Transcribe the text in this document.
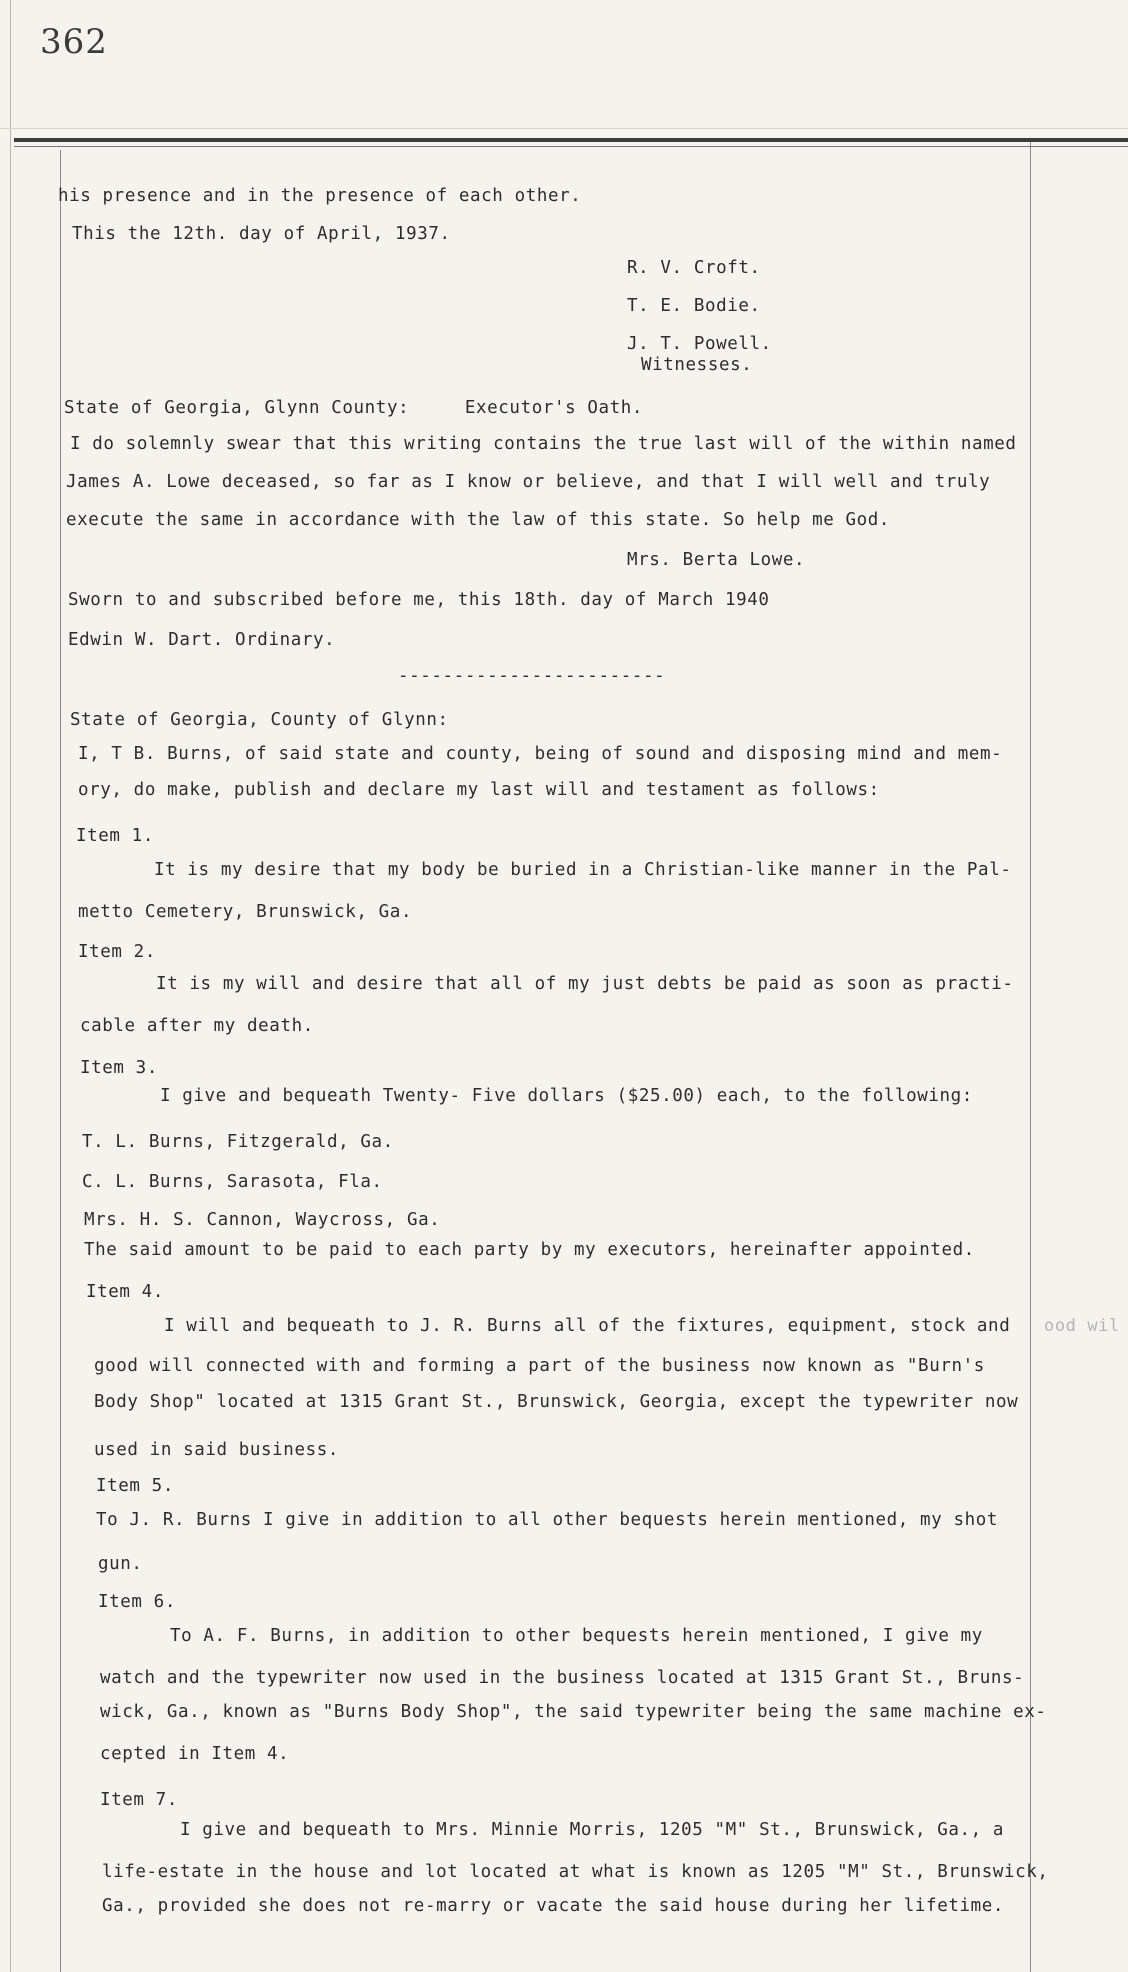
362
his presence and in the presence of each other.
This the 12th. day of April, 1937.
R. V. Croft.
T. E. Bodie.
J. T. Powell.
Witnesses.
State of Georgia, Glynn County:     Executor's Oath.
I do solemnly swear that this writing contains the true last will of the within named
James A. Lowe deceased, so far as I know or believe, and that I will well and truly
execute the same in accordance with the law of this state. So help me God.
Mrs. Berta Lowe.
Sworn to and subscribed before me, this 18th. day of March 1940
Edwin W. Dart. Ordinary.
------------------------
State of Georgia, County of Glynn:
I, T B. Burns, of said state and county, being of sound and disposing mind and mem-
ory, do make, publish and declare my last will and testament as follows:
Item 1.
It is my desire that my body be buried in a Christian-like manner in the Pal-
metto Cemetery, Brunswick, Ga.
Item 2.
It is my will and desire that all of my just debts be paid as soon as practi-
cable after my death.
Item 3.
I give and bequeath Twenty- Five dollars ($25.00) each, to the following:
T. L. Burns, Fitzgerald, Ga.
C. L. Burns, Sarasota, Fla.
Mrs. H. S. Cannon, Waycross, Ga.
The said amount to be paid to each party by my executors, hereinafter appointed.
Item 4.
I will and bequeath to J. R. Burns all of the fixtures, equipment, stock and ood wil
good will connected with and forming a part of the business now known as "Burn's
Body Shop" located at 1315 Grant St., Brunswick, Georgia, except the typewriter now
used in said business.
Item 5.
To J. R. Burns I give in addition to all other bequests herein mentioned, my shot
gun.
Item 6.
To A. F. Burns, in addition to other bequests herein mentioned, I give my
watch and the typewriter now used in the business located at 1315 Grant St., Bruns-
wick, Ga., known as "Burns Body Shop", the said typewriter being the same machine ex-
cepted in Item 4.
Item 7.
I give and bequeath to Mrs. Minnie Morris, 1205 "M" St., Brunswick, Ga., a
life-estate in the house and lot located at what is known as 1205 "M" St., Brunswick,
Ga., provided she does not re-marry or vacate the said house during her lifetime.
